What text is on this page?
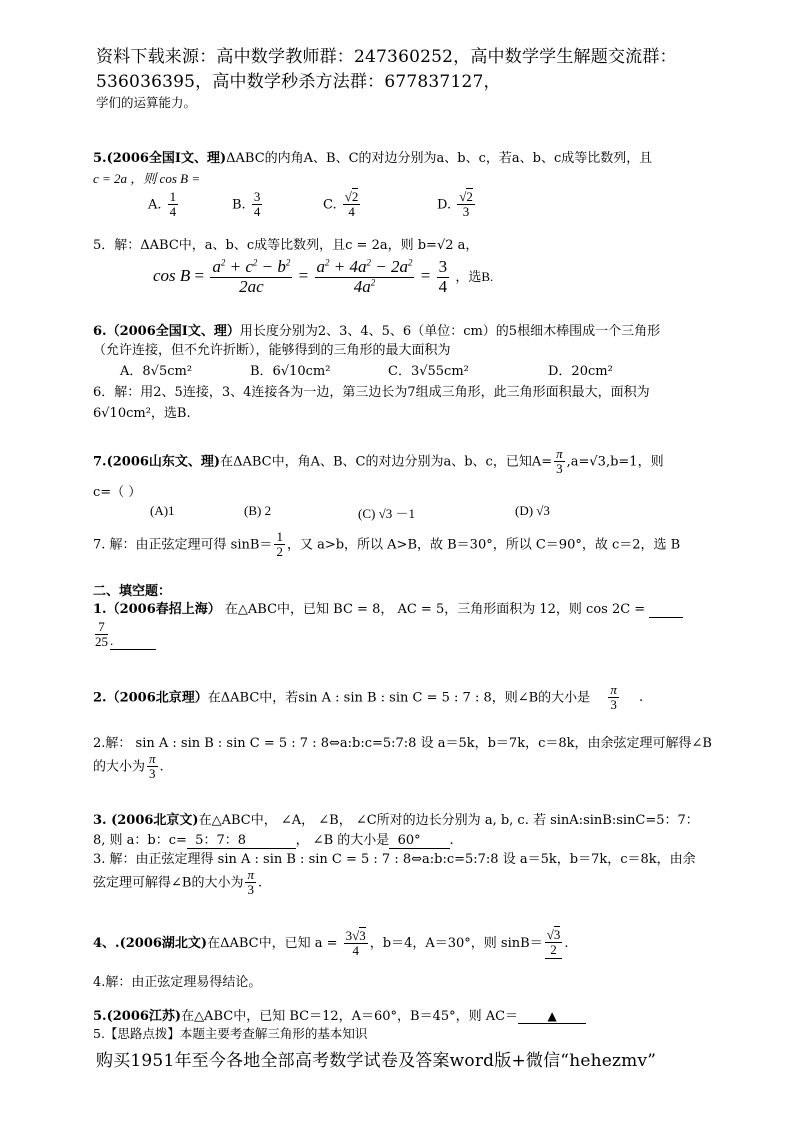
资料下载来源：高中数学教师群：247360252，高中数学学生解题交流群：
536036395，高中数学秒杀方法群：677837127，
学们的运算能力。
5.(2006全国Ⅰ文、理)ΔABC的内角A、B、C的对边分别为a、b、c，若a、b、c成等比数列，且
c = 2a ，则 cos B =
A. $\frac{1}{4}$	B. $\frac{3}{4}$	C. $\frac{√2}{4}$	D. $\frac{√2}{3}$
5．解：ΔABC中，a、b、c成等比数列，且c = 2a，则 b=√2 a，
$\cos B = \frac{a^2 + c^2 - b^2}{2ac} = \frac{a^2 + 4a^2 - 2a^2}{4a^2} = \frac{3}{4}$ ，选B.
6.（2006全国Ⅰ文、理）用长度分别为2、3、4、5、6（单位：cm）的5根细木棒围成一个三角形
（允许连接，但不允许折断），能够得到的三角形的最大面积为
A．8√5cm²	B．6√10cm²	C．3√55cm²	D．20cm²
6．解：用2、5连接，3、4连接各为一边，第三边长为7组成三角形，此三角形面积最大，面积为
6√10cm²，选B.
7.(2006山东文、理)在ΔABC中，角A、B、C的对边分别为a、b、c，已知$A= \frac{\pi}{3} ,a=√3,b=1$，则
c=（ ）
(A)1	(B) 2	(C) √3 －1	(D) √3
7. 解：由正弦定理可得 $\sin B= \frac{1}{2}$ ，又 a>b，所以 A>B，故 B＝30°，所以 C＝90°，故 c＝2，选 B
二、填空题：
1.（2006春招上海） 在△ABC中，已知 BC = 8， AC = 5，三角形面积为 12，则 cos 2C =
$\frac{7}{25}$ .
2.（2006北京理）在ΔABC中，若sin A : sin B : sin C = 5 : 7 : 8，则∠B的大小是 $\frac{\pi}{3}$ .
2.解： sin A : sin B : sin C = 5 : 7 : 8⇔a:b:c=5:7:8 设 a＝5k，b＝7k，c＝8k，由余弦定理可解得∠B
的大小为 $\frac{\pi}{3}$ .
3. (2006北京文)在△ABC中， ∠A， ∠B， ∠C所对的边长分别为 a, b, c. 若 sinA:sinB:sinC=5：7：
8, 则 a：b：c=  5：7：8            ， ∠B 的大小是  60°       .
3. 解：由正弦定理得 sin A : sin B : sin C = 5 : 7 : 8⇔a:b:c=5:7:8 设 a＝5k，b＝7k，c＝8k，由余
弦定理可解得∠B的大小为 $\frac{\pi}{3}$ .
4、.(2006湖北文)在ΔABC中，已知 $a = \frac{3√3}{4}$ ，b＝4，A＝30°，则 $\sin B= \frac{√3}{2}$ .
4.解：由正弦定理易得结论。
5.(2006江苏)在△ABC中，已知 BC＝12，A＝60°，B＝45°，则 AC＝ ▲
5.【思路点拨】本题主要考查解三角形的基本知识
购买1951年至今各地全部高考数学试卷及答案word版+微信“hehezmv”
